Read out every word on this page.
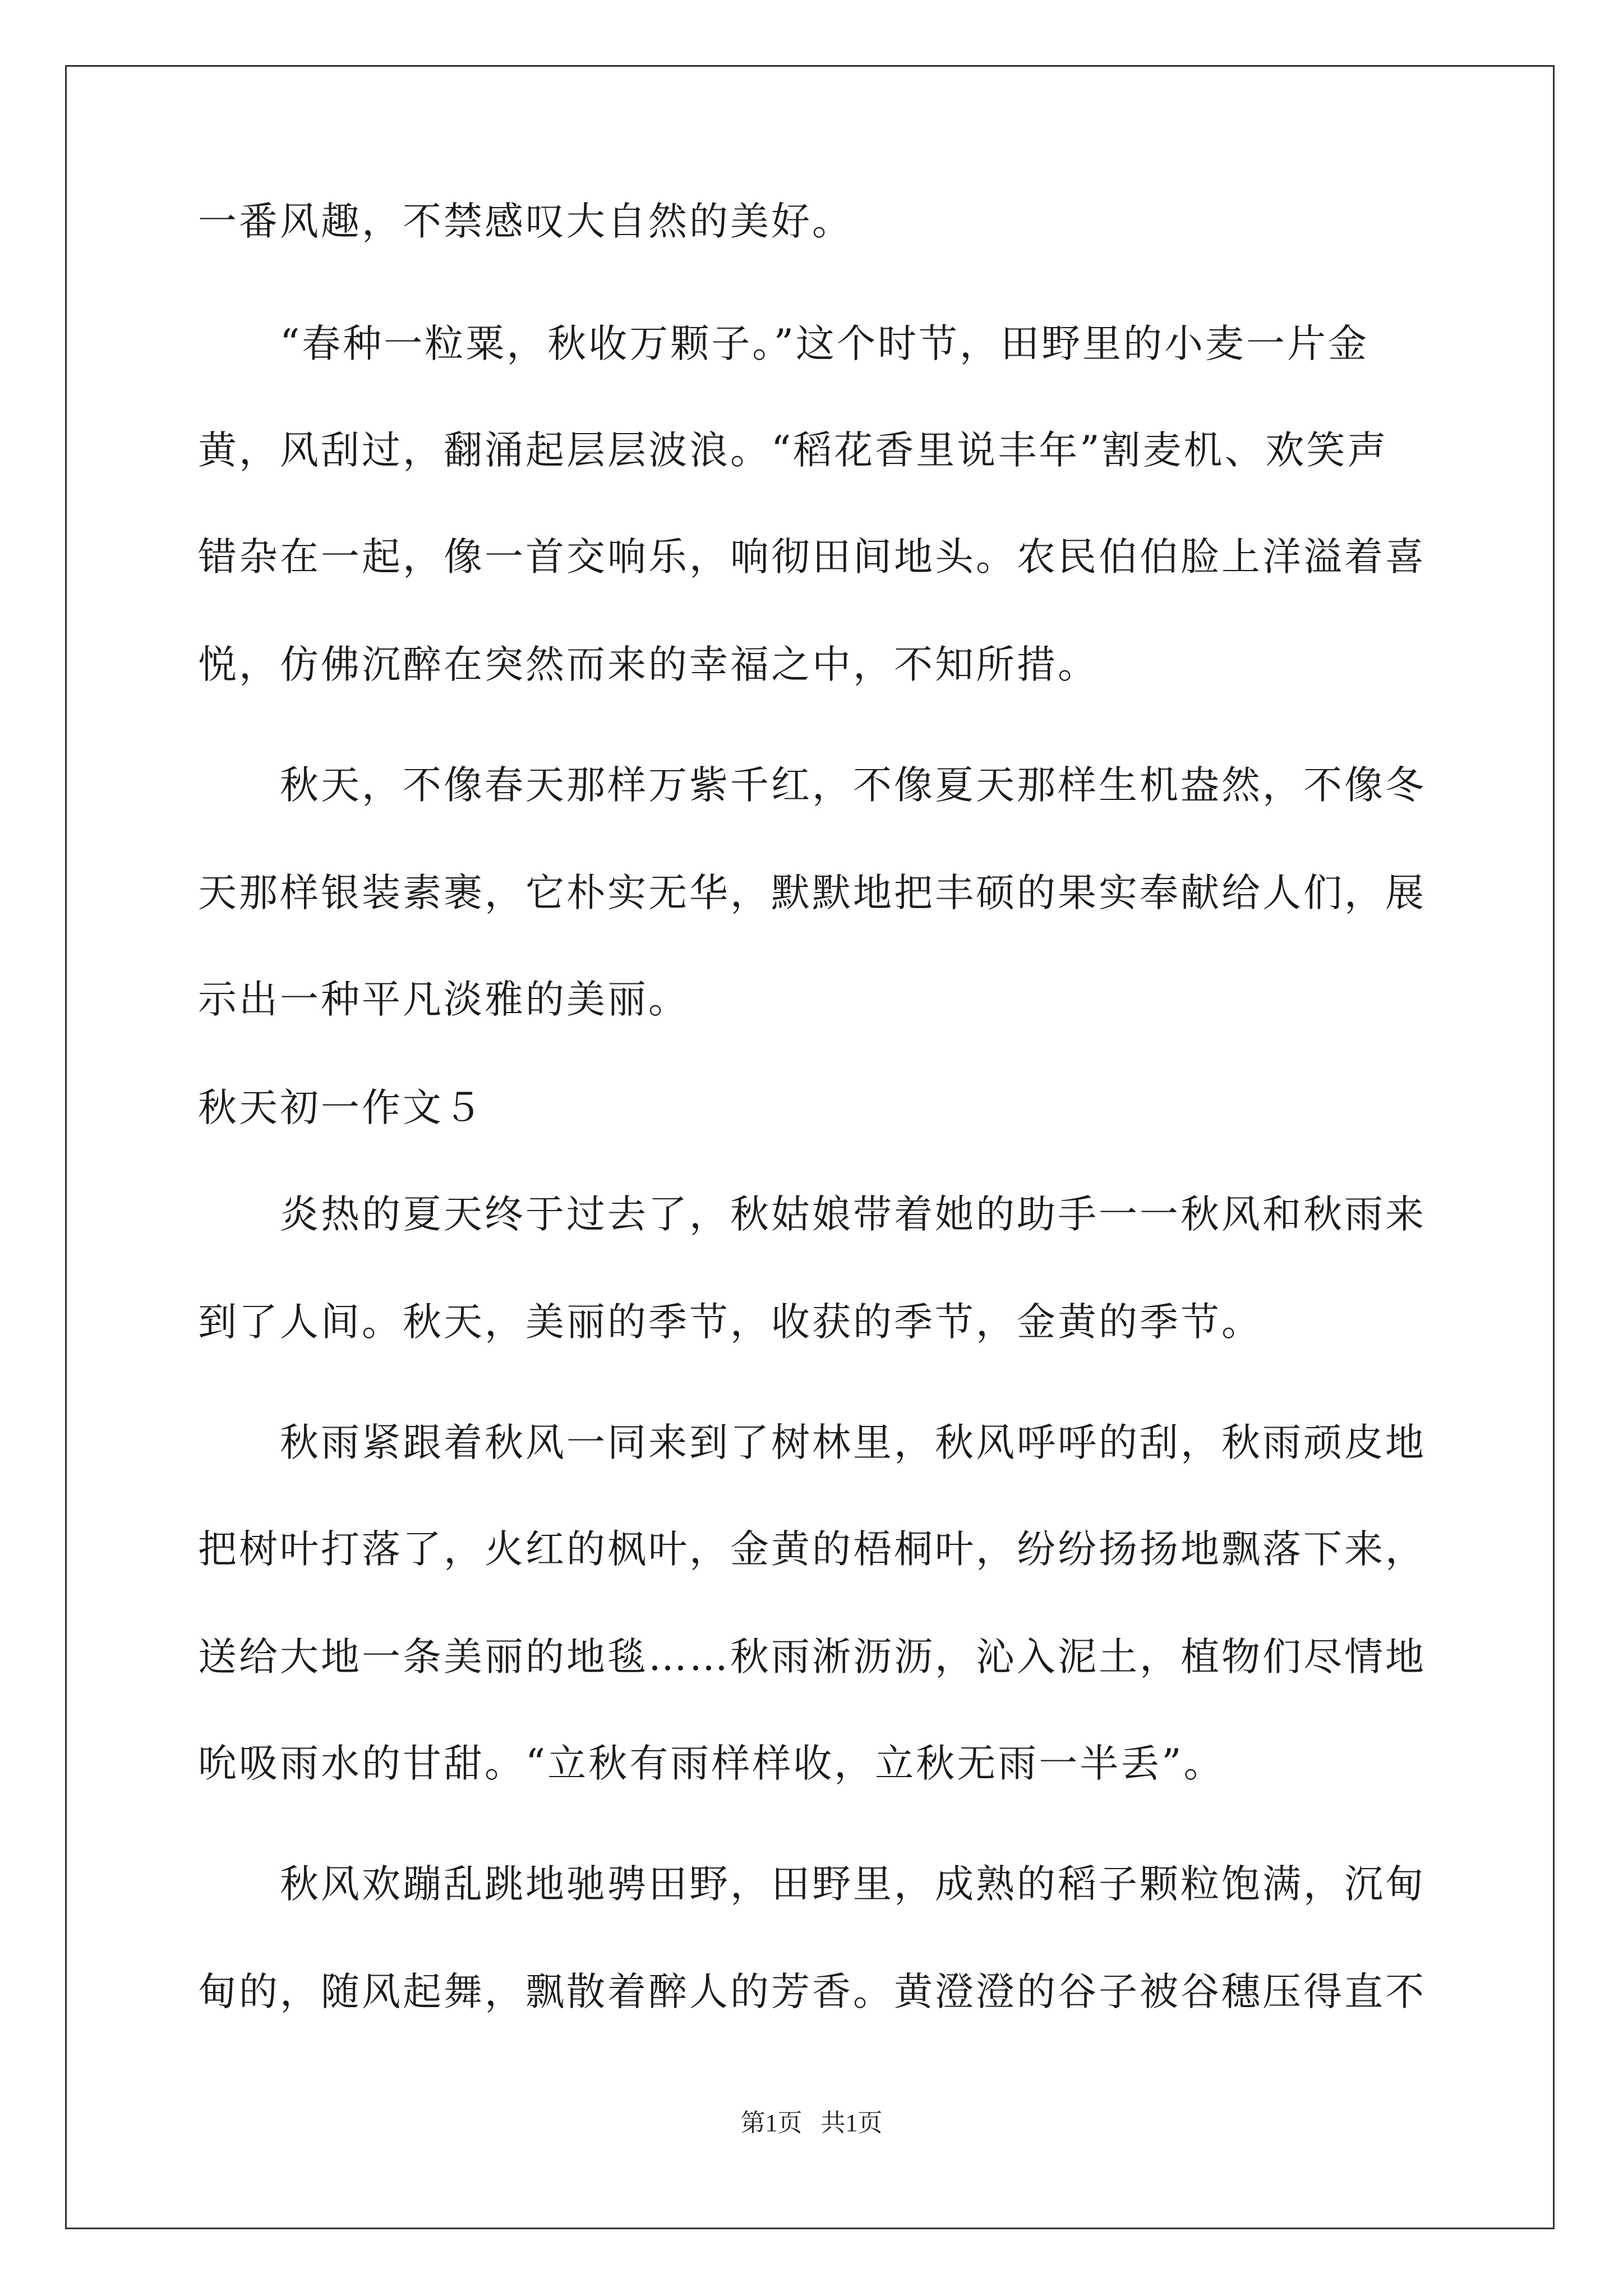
一番风趣，不禁感叹大自然的美好。
“春种一粒粟，秋收万颗子。”这个时节，田野里的小麦一片金
黄，风刮过，翻涌起层层波浪。“稻花香里说丰年”割麦机、欢笑声
错杂在一起，像一首交响乐，响彻田间地头。农民伯伯脸上洋溢着喜
悦，仿佛沉醉在突然而来的幸福之中，不知所措。
秋天，不像春天那样万紫千红，不像夏天那样生机盎然，不像冬
天那样银装素裹，它朴实无华，默默地把丰硕的果实奉献给人们，展
示出一种平凡淡雅的美丽。
秋天初一作文５
炎热的夏天终于过去了，秋姑娘带着她的助手一一秋风和秋雨来
到了人间。秋天，美丽的季节，收获的季节，金黄的季节。
秋雨紧跟着秋风一同来到了树林里，秋风呼呼的刮，秋雨顽皮地
把树叶打落了，火红的枫叶，金黄的梧桐叶，纷纷扬扬地飘落下来，
送给大地一条美丽的地毯……秋雨淅沥沥，沁入泥土，植物们尽情地
吮吸雨水的甘甜。“立秋有雨样样收，立秋无雨一半丢”。
秋风欢蹦乱跳地驰骋田野，田野里，成熟的稻子颗粒饱满，沉甸
甸的，随风起舞，飘散着醉人的芳香。黄澄澄的谷子被谷穗压得直不
第1页   共1页
